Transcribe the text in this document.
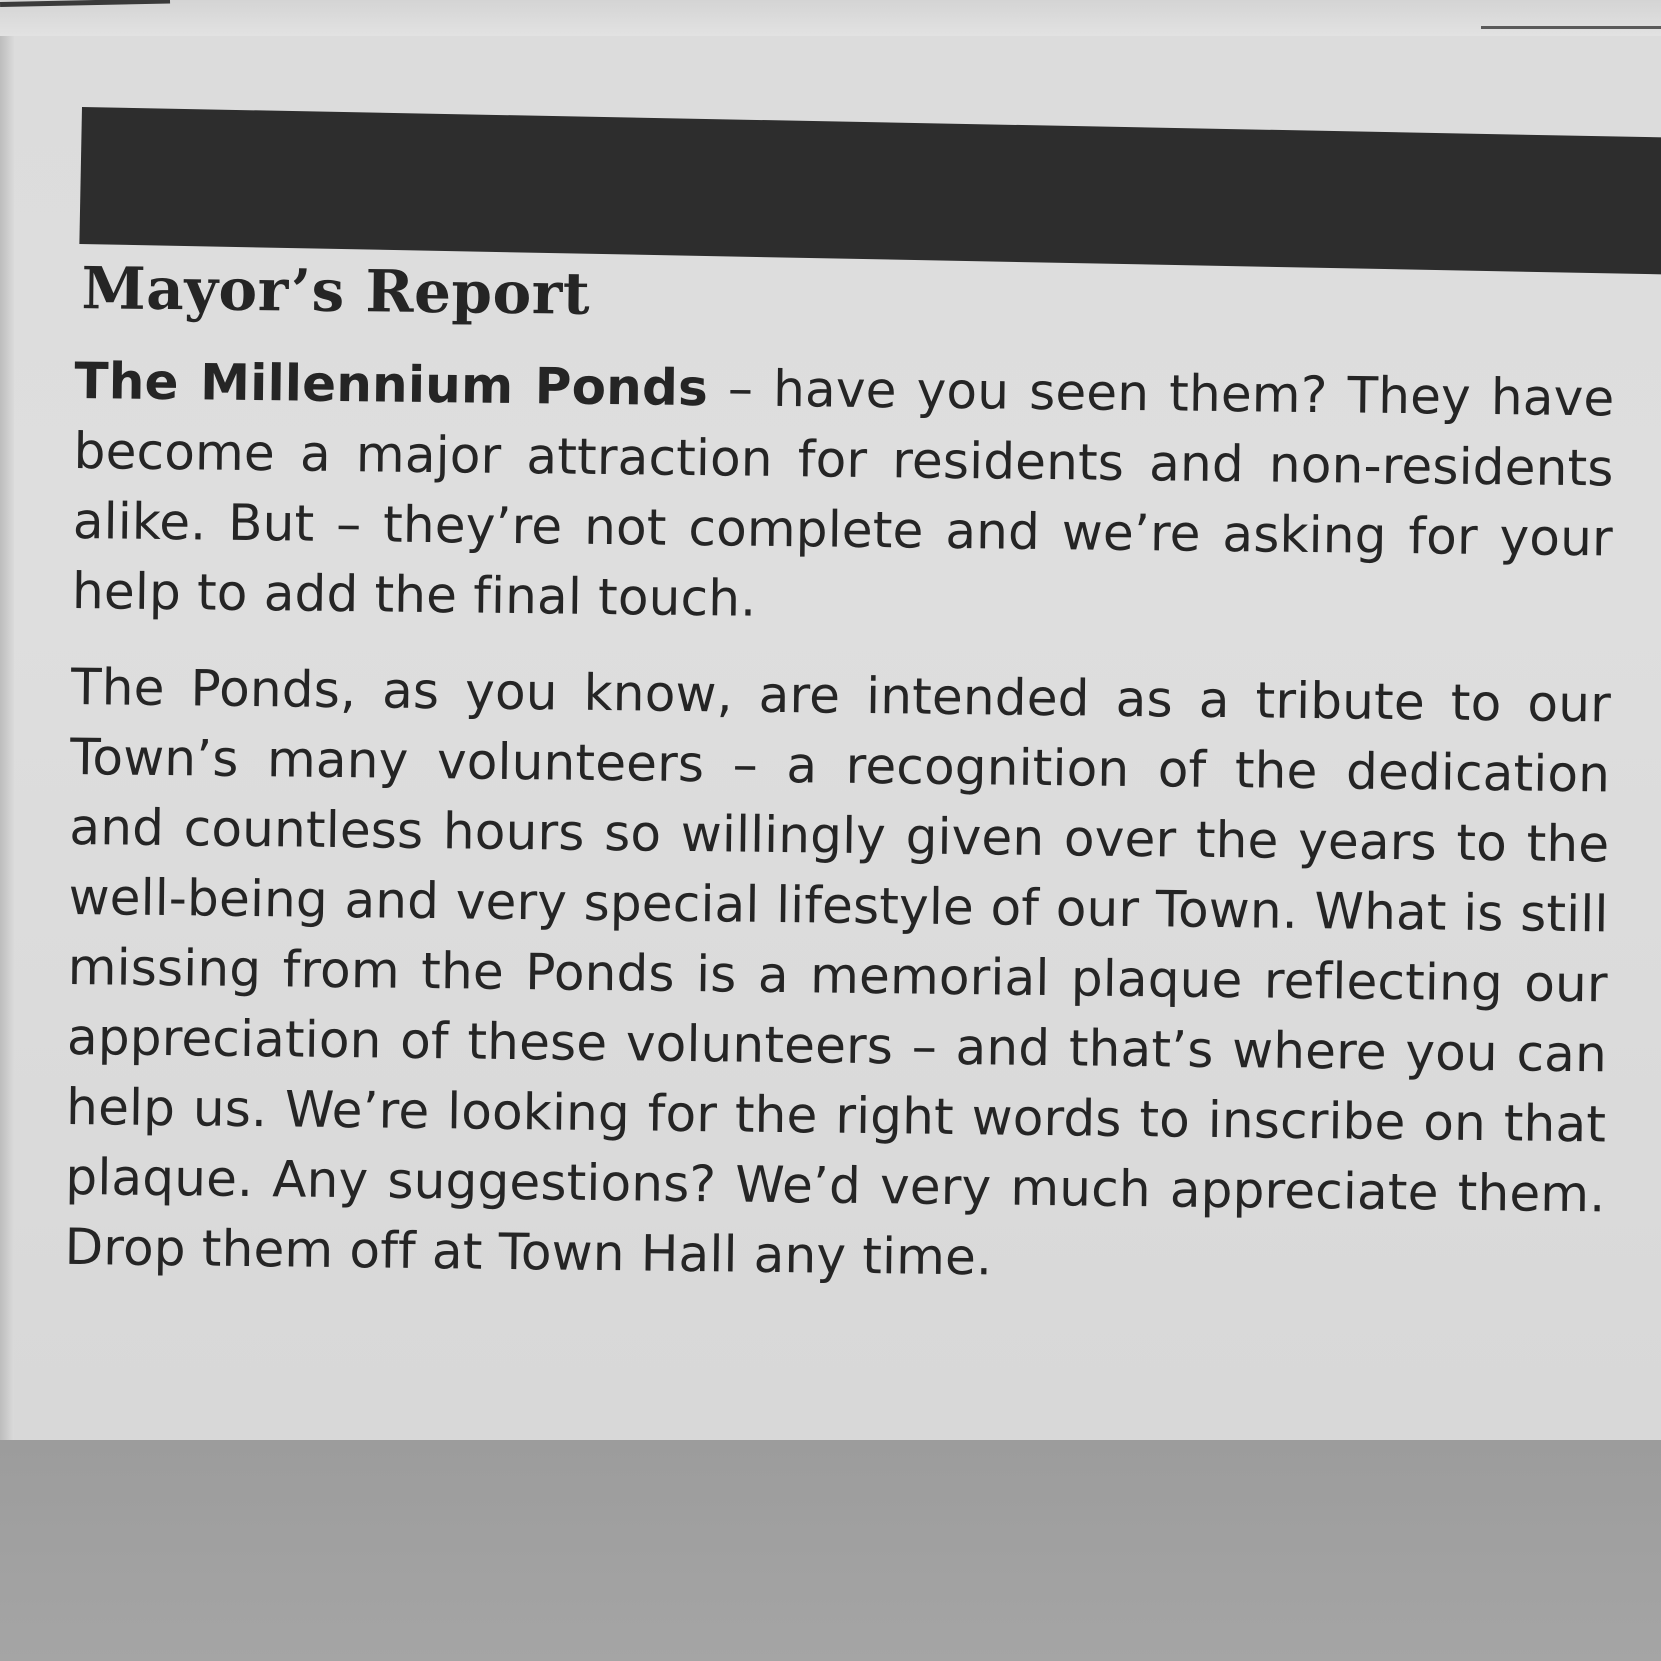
Mayor’s Report

The Millennium Ponds – have you seen them? They have become a major attraction for residents and non-residents alike. But – they’re not complete and we’re asking for your help to add the final touch.

The Ponds, as you know, are intended as a tribute to our Town’s many volunteers – a recognition of the dedication and countless hours so willingly given over the years to the well-being and very special lifestyle of our Town. What is still missing from the Ponds is a memorial plaque reflecting our appreciation of these volunteers – and that’s where you can help us. We’re looking for the right words to inscribe on that plaque. Any suggestions? We’d very much appreciate them. Drop them off at Town Hall any time.
